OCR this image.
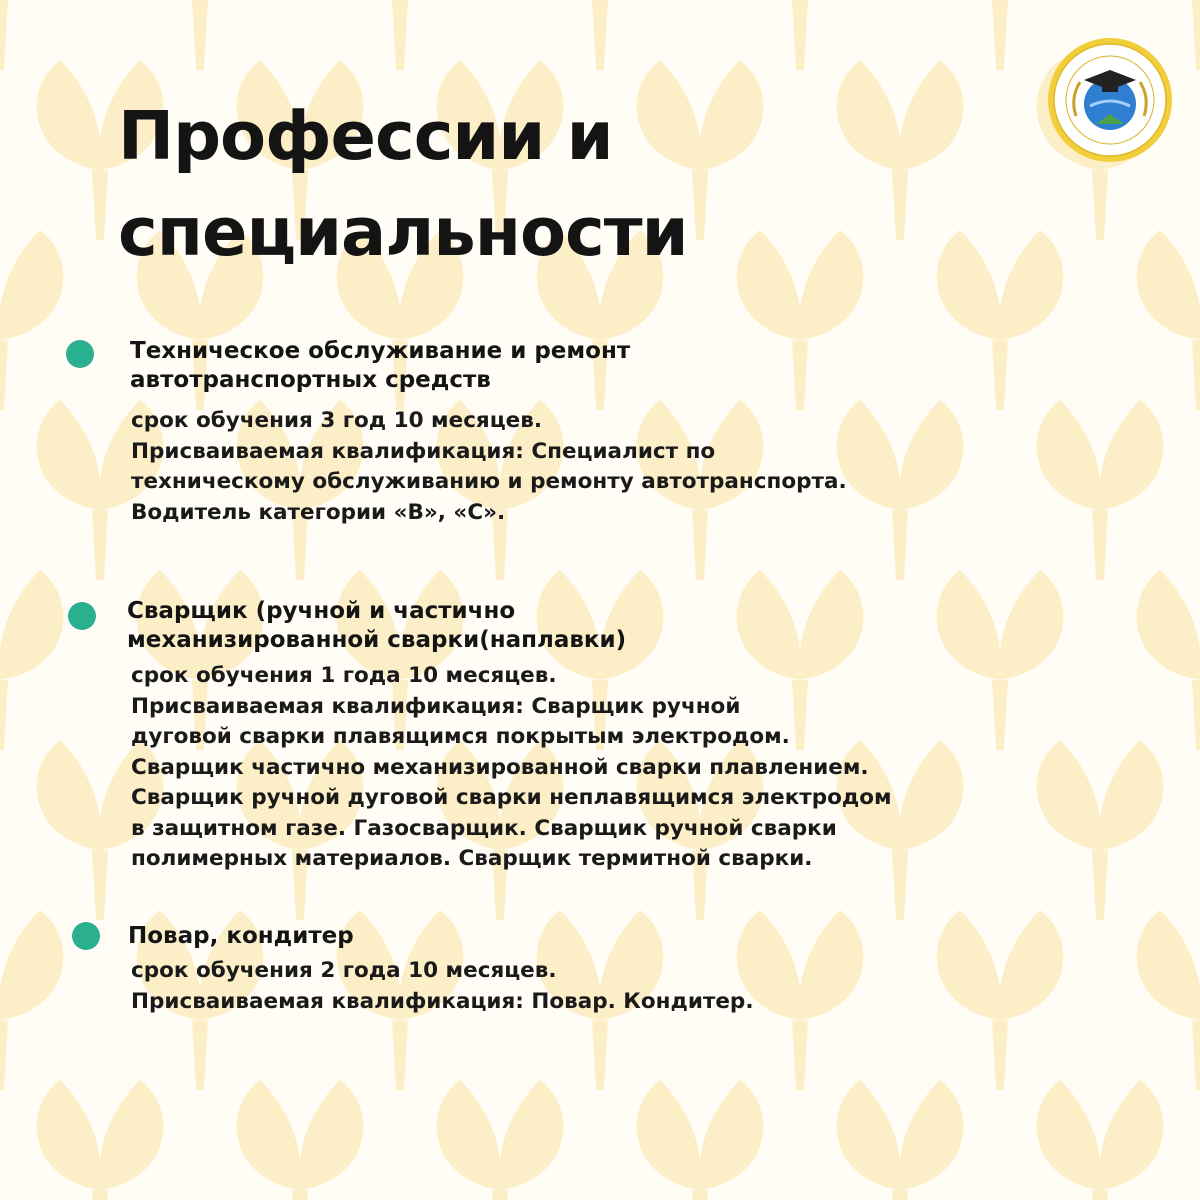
Профессии и
специальности

Техническое обслуживание и ремонт
автотранспортных средств

срок обучения 3 год 10 месяцев.
Присваиваемая квалификация: Специалист по
техническому обслуживанию и ремонту автотранспорта.
Водитель категории «В», «С».

Сварщик (ручной и частично
механизированной сварки(наплавки)

срок обучения 1 года 10 месяцев.
Присваиваемая квалификация: Сварщик ручной
дуговой сварки плавящимся покрытым электродом.
Сварщик частично механизированной сварки плавлением.
Сварщик ручной дуговой сварки неплавящимся электродом
в защитном газе. Газосварщик. Сварщик ручной сварки
полимерных материалов. Сварщик термитной сварки.

Повар, кондитер

срок обучения 2 года 10 месяцев.
Присваиваемая квалификация: Повар. Кондитер.
